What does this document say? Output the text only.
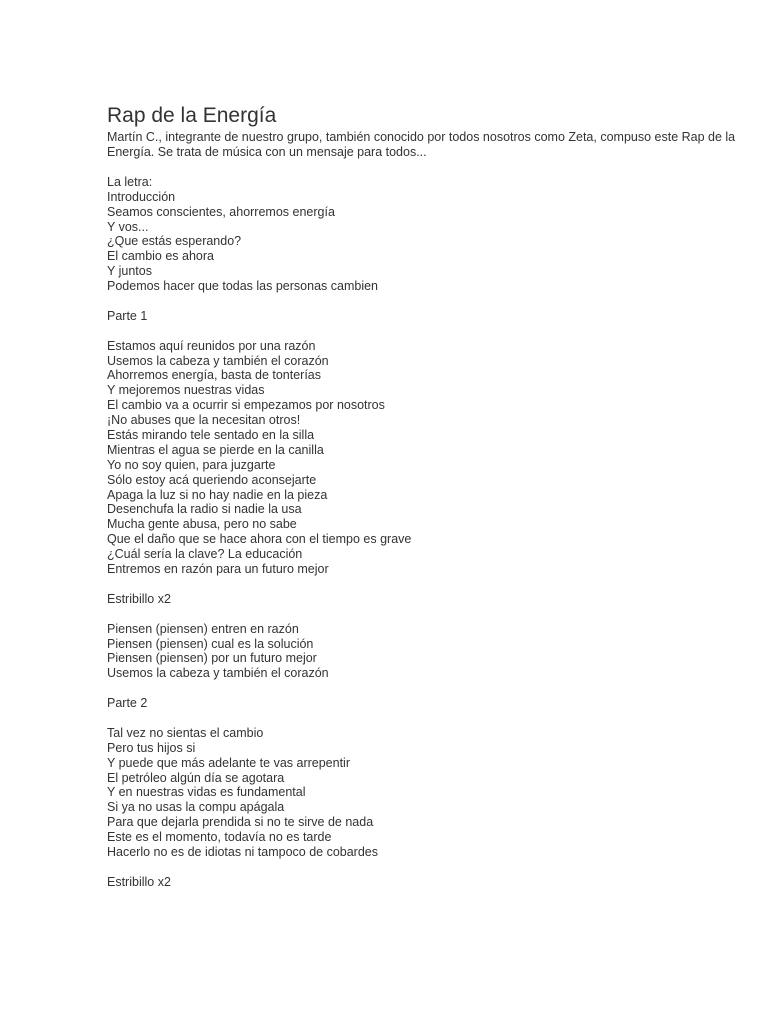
Rap de la Energía

Martín C., integrante de nuestro grupo, también conocido por todos nosotros como Zeta, compuso este Rap de la Energía. Se trata de música con un mensaje para todos...

La letra:
Introducción
Seamos conscientes, ahorremos energía
Y vos...
¿Que estás esperando?
El cambio es ahora
Y juntos
Podemos hacer que todas las personas cambien
Parte 1
Estamos aquí reunidos por una razón
Usemos la cabeza y también el corazón
Ahorremos energía, basta de tonterías
Y mejoremos nuestras vidas
El cambio va a ocurrir si empezamos por nosotros
¡No abuses que la necesitan otros!
Estás mirando tele sentado en la silla
Mientras el agua se pierde en la canilla
Yo no soy quien, para juzgarte
Sólo estoy acá queriendo aconsejarte
Apaga la luz si no hay nadie en la pieza
Desenchufa la radio si nadie la usa
Mucha gente abusa, pero no sabe
Que el daño que se hace ahora con el tiempo es grave
¿Cuál sería la clave? La educación
Entremos en razón para un futuro mejor
Estribillo x2
Piensen (piensen) entren en razón
Piensen (piensen) cual es la solución
Piensen (piensen) por un futuro mejor
Usemos la cabeza y también el corazón
Parte 2
Tal vez no sientas el cambio
Pero tus hijos si
Y puede que más adelante te vas arrepentir
El petróleo algún día se agotara
Y en nuestras vidas es fundamental
Si ya no usas la compu apágala
Para que dejarla prendida si no te sirve de nada
Este es el momento, todavía no es tarde
Hacerlo no es de idiotas ni tampoco de cobardes
Estribillo x2
